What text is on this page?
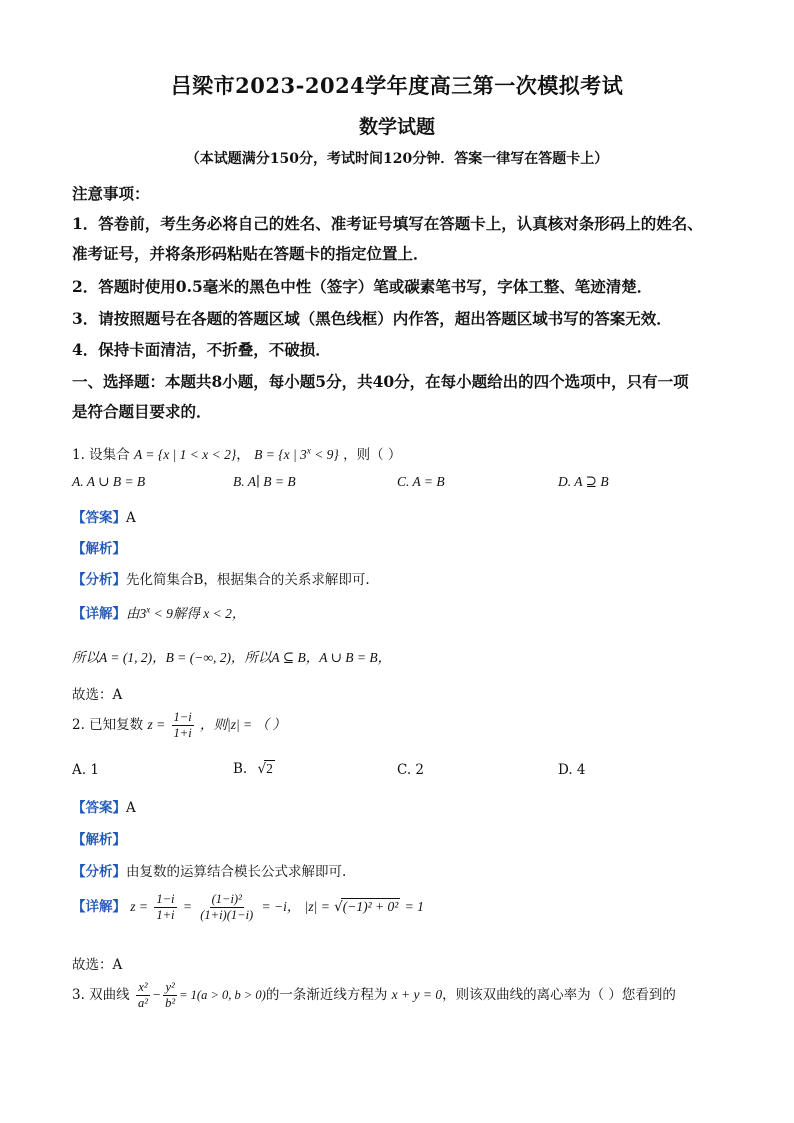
吕梁市2023-2024学年度高三第一次模拟考试
数学试题
（本试题满分150分，考试时间120分钟．答案一律写在答题卡上）
注意事项：
1．答卷前，考生务必将自己的姓名、准考证号填写在答题卡上，认真核对条形码上的姓名、
准考证号，并将条形码粘贴在答题卡的指定位置上．
2．答题时使用0.5毫米的黑色中性（签字）笔或碳素笔书写，字体工整、笔迹清楚．
3．请按照题号在各题的答题区域（黑色线框）内作答，超出答题区域书写的答案无效．
4．保持卡面清洁，不折叠，不破损．
一、选择题：本题共8小题，每小题5分，共40分，在每小题给出的四个选项中，只有一项
是符合题目要求的．
1. 设集合 A = {x | 1 < x < 2}， B = {x | $3^x < 9$} ，则（ ）
A. A ∪ B = B	B. A∣ B = B	C. A = B	D. A ⊇ B
【答案】A
【解析】
【分析】先化简集合B，根据集合的关系求解即可.
【详解】由$3^x < 9$解得 x < 2，
所以A = (1, 2)，B = (−∞, 2)，所以A ⊆ B，A ∪ B = B，
故选：A
2. 已知复数 $z = \frac{1-i}{1+i}$ ，则|z| = （ ）
A. 1	B. √2	C. 2	D. 4
【答案】A
【解析】
【分析】由复数的运算结合模长公式求解即可.
【详解】 $z = \frac{1-i}{1+i} = \frac{\text{(1−i)²}}{(1+i)(1-i)} = -i$， |z| = √(−1)² + 0² = 1
故选：A
3. 双曲线 $\frac{\text{x²}}{\text{a²}} - \frac{\text{y²}}{\text{b²}} = 1(a > 0$, b > 0)的一条渐近线方程为 x + y = 0，则该双曲线的离心率为（ ）您看到的
